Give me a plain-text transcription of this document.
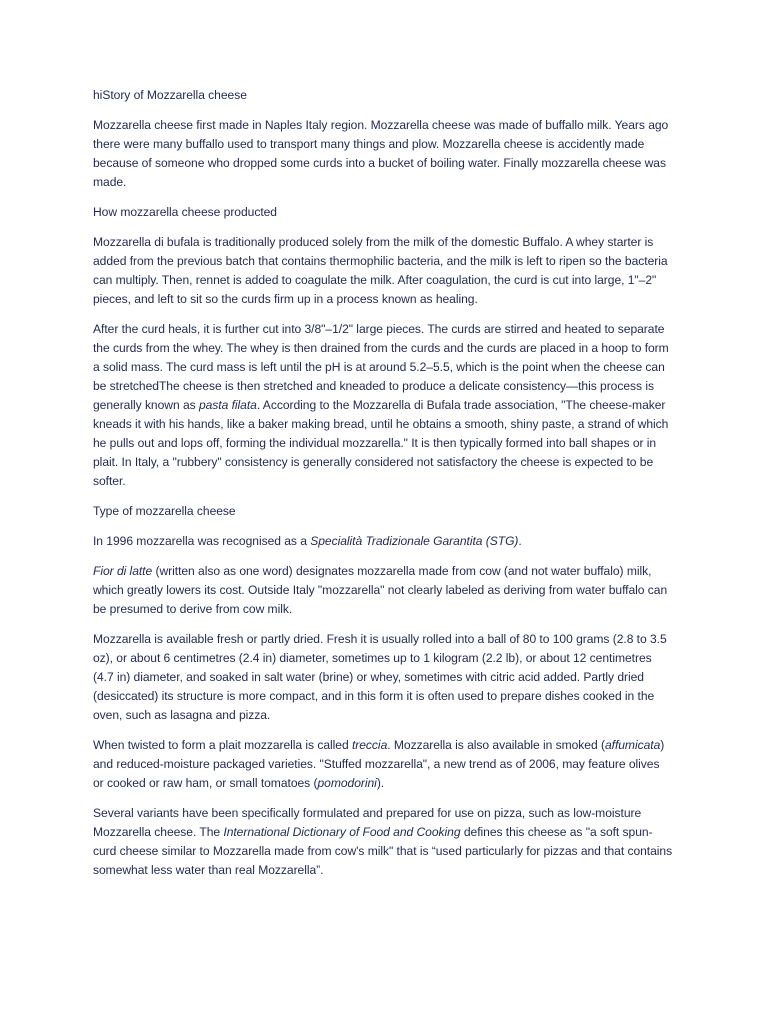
hiStory of Mozzarella cheese

Mozzarella cheese first made in Naples Italy region. Mozzarella cheese was made of buffallo milk. Years ago there were many buffallo used to transport many things and plow. Mozzarella cheese is accidently made because of someone who dropped some curds into a bucket of boiling water. Finally mozzarella cheese was made.

How mozzarella cheese producted

Mozzarella di bufala is traditionally produced solely from the milk of the domestic Buffalo. A whey starter is added from the previous batch that contains thermophilic bacteria, and the milk is left to ripen so the bacteria can multiply. Then, rennet is added to coagulate the milk. After coagulation, the curd is cut into large, 1"–2" pieces, and left to sit so the curds firm up in a process known as healing.

After the curd heals, it is further cut into 3/8"–1/2" large pieces. The curds are stirred and heated to separate the curds from the whey. The whey is then drained from the curds and the curds are placed in a hoop to form a solid mass. The curd mass is left until the pH is at around 5.2–5.5, which is the point when the cheese can be stretchedThe cheese is then stretched and kneaded to produce a delicate consistency—this process is generally known as pasta filata. According to the Mozzarella di Bufala trade association, "The cheese-maker kneads it with his hands, like a baker making bread, until he obtains a smooth, shiny paste, a strand of which he pulls out and lops off, forming the individual mozzarella." It is then typically formed into ball shapes or in plait. In Italy, a "rubbery" consistency is generally considered not satisfactory the cheese is expected to be softer.

Type of mozzarella cheese

In 1996 mozzarella was recognised as a Specialità Tradizionale Garantita (STG).

Fior di latte (written also as one word) designates mozzarella made from cow (and not water buffalo) milk, which greatly lowers its cost. Outside Italy "mozzarella" not clearly labeled as deriving from water buffalo can be presumed to derive from cow milk.

Mozzarella is available fresh or partly dried. Fresh it is usually rolled into a ball of 80 to 100 grams (2.8 to 3.5 oz), or about 6 centimetres (2.4 in) diameter, sometimes up to 1 kilogram (2.2 lb), or about 12 centimetres (4.7 in) diameter, and soaked in salt water (brine) or whey, sometimes with citric acid added. Partly dried (desiccated) its structure is more compact, and in this form it is often used to prepare dishes cooked in the oven, such as lasagna and pizza.

When twisted to form a plait mozzarella is called treccia. Mozzarella is also available in smoked (affumicata) and reduced-moisture packaged varieties. "Stuffed mozzarella", a new trend as of 2006, may feature olives or cooked or raw ham, or small tomatoes (pomodorini).

Several variants have been specifically formulated and prepared for use on pizza, such as low-moisture Mozzarella cheese. The International Dictionary of Food and Cooking defines this cheese as "a soft spun-curd cheese similar to Mozzarella made from cow's milk" that is “used particularly for pizzas and that contains somewhat less water than real Mozzarella”.
